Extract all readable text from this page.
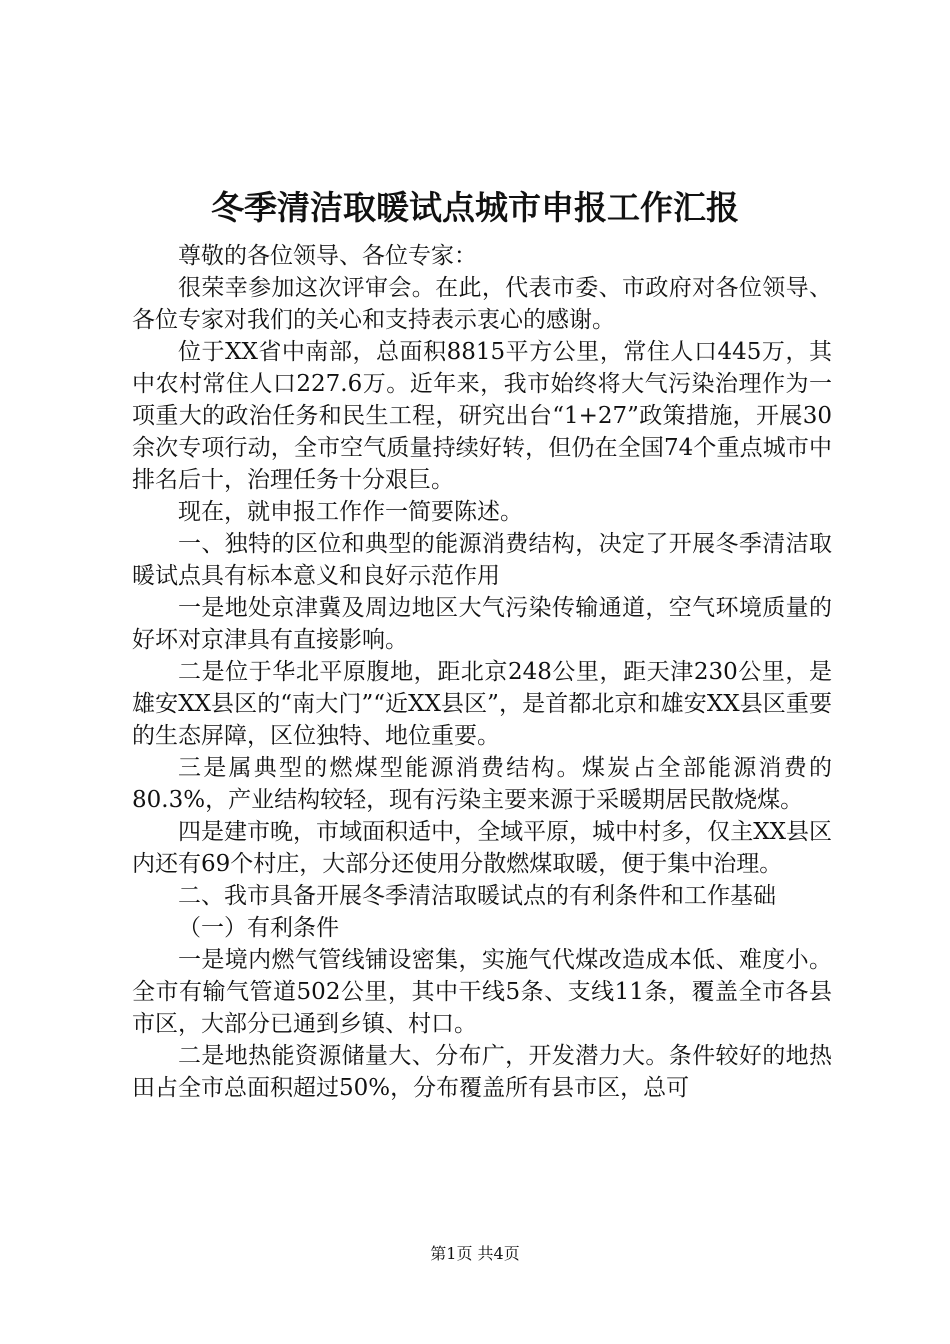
冬季清洁取暖试点城市申报工作汇报

尊敬的各位领导、各位专家：

很荣幸参加这次评审会。在此，代表市委、市政府对各位领导、各位专家对我们的关心和支持表示衷心的感谢。

位于XX省中南部，总面积8815平方公里，常住人口445万，其中农村常住人口227.6万。近年来，我市始终将大气污染治理作为一项重大的政治任务和民生工程，研究出台“1+27”政策措施，开展30余次专项行动，全市空气质量持续好转，但仍在全国74个重点城市中排名后十，治理任务十分艰巨。

现在，就申报工作作一简要陈述。

一、独特的区位和典型的能源消费结构，决定了开展冬季清洁取暖试点具有标本意义和良好示范作用

一是地处京津冀及周边地区大气污染传输通道，空气环境质量的好坏对京津具有直接影响。

二是位于华北平原腹地，距北京248公里，距天津230公里，是雄安XX县区的“南大门”“近XX县区”，是首都北京和雄安XX县区重要的生态屏障，区位独特、地位重要。

三是属典型的燃煤型能源消费结构。煤炭占全部能源消费的80.3%，产业结构较轻，现有污染主要来源于采暖期居民散烧煤。

四是建市晚，市域面积适中，全域平原，城中村多，仅主XX县区内还有69个村庄，大部分还使用分散燃煤取暖，便于集中治理。

二、我市具备开展冬季清洁取暖试点的有利条件和工作基础

（一）有利条件

一是境内燃气管线铺设密集，实施气代煤改造成本低、难度小。全市有输气管道502公里，其中干线5条、支线11条，覆盖全市各县市区，大部分已通到乡镇、村口。

二是地热能资源储量大、分布广，开发潜力大。条件较好的地热田占全市总面积超过50%，分布覆盖所有县市区，总可

第1页 共4页
